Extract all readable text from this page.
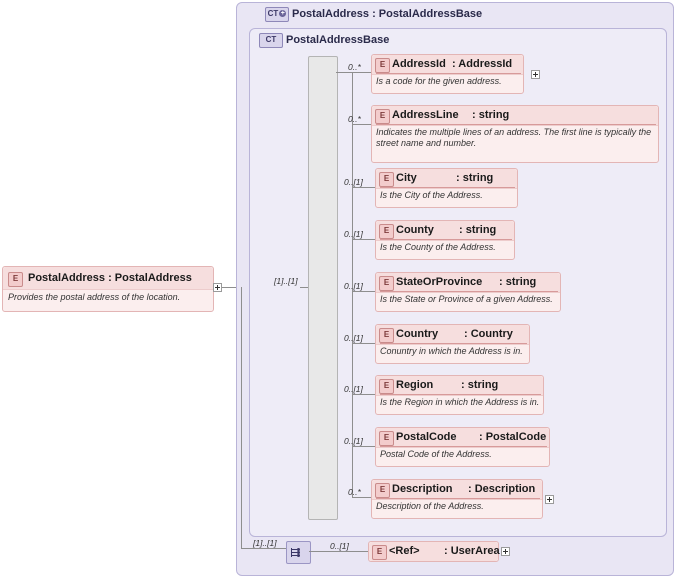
CT + PostalAddress : PostalAddressBase
CT PostalAddressBase
E PostalAddress : PostalAddress
Provides the postal address of the location.
[1]..[1]
0..*	E AddressId : AddressId
Is a code for the given address.
0..*	E AddressLine : string
Indicates the multiple lines of an address. The first line is typically the street name and number.
0..[1]	E City	: string
Is the City of the Address.
0..[1]	E County : string
Is the County of the Address.
0..[1]	E StateOrProvince : string
Is the State or Province of a given Address.
0..[1]	E Country : Country
Conuntry in which the Address is in.
0..[1]	E Region	: string
Is the Region in which the Address is in.
0..[1]	E PostalCode : PostalCode
Postal Code of the Address.
0..*	E Description : Description
Description of the Address.
[1]..[1]	0..[1]
E <Ref> : UserArea
